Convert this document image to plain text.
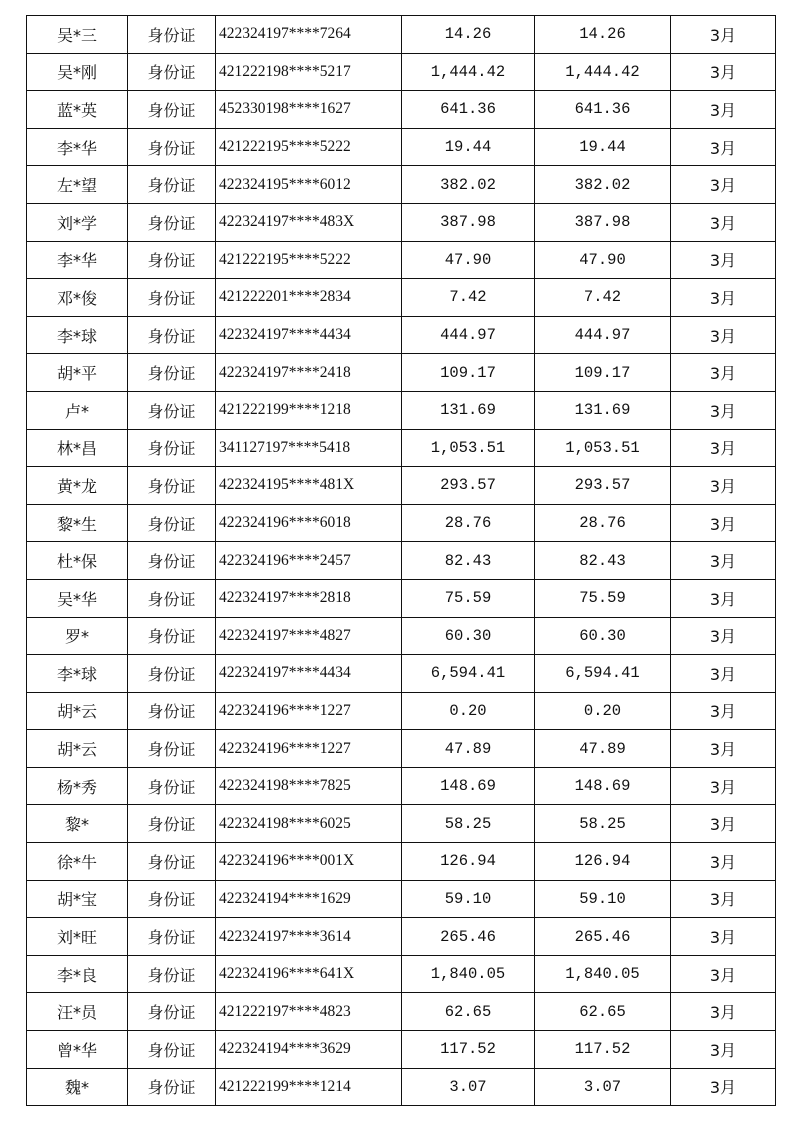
吴*三	身份证	422324197****7264	14.26	14.26	3月
吴*刚	身份证	421222198****5217	1,444.42	1,444.42	3月
蓝*英	身份证	452330198****1627	641.36	641.36	3月
李*华	身份证	421222195****5222	19.44	19.44	3月
左*望	身份证	422324195****6012	382.02	382.02	3月
刘*学	身份证	422324197****483X	387.98	387.98	3月
李*华	身份证	421222195****5222	47.90	47.90	3月
邓*俊	身份证	421222201****2834	7.42	7.42	3月
李*球	身份证	422324197****4434	444.97	444.97	3月
胡*平	身份证	422324197****2418	109.17	109.17	3月
卢*	身份证	421222199****1218	131.69	131.69	3月
林*昌	身份证	341127197****5418	1,053.51	1,053.51	3月
黄*龙	身份证	422324195****481X	293.57	293.57	3月
黎*生	身份证	422324196****6018	28.76	28.76	3月
杜*保	身份证	422324196****2457	82.43	82.43	3月
吴*华	身份证	422324197****2818	75.59	75.59	3月
罗*	身份证	422324197****4827	60.30	60.30	3月
李*球	身份证	422324197****4434	6,594.41	6,594.41	3月
胡*云	身份证	422324196****1227	0.20	0.20	3月
胡*云	身份证	422324196****1227	47.89	47.89	3月
杨*秀	身份证	422324198****7825	148.69	148.69	3月
黎*	身份证	422324198****6025	58.25	58.25	3月
徐*牛	身份证	422324196****001X	126.94	126.94	3月
胡*宝	身份证	422324194****1629	59.10	59.10	3月
刘*旺	身份证	422324197****3614	265.46	265.46	3月
李*良	身份证	422324196****641X	1,840.05	1,840.05	3月
汪*员	身份证	421222197****4823	62.65	62.65	3月
曾*华	身份证	422324194****3629	117.52	117.52	3月
魏*	身份证	421222199****1214	3.07	3.07	3月
